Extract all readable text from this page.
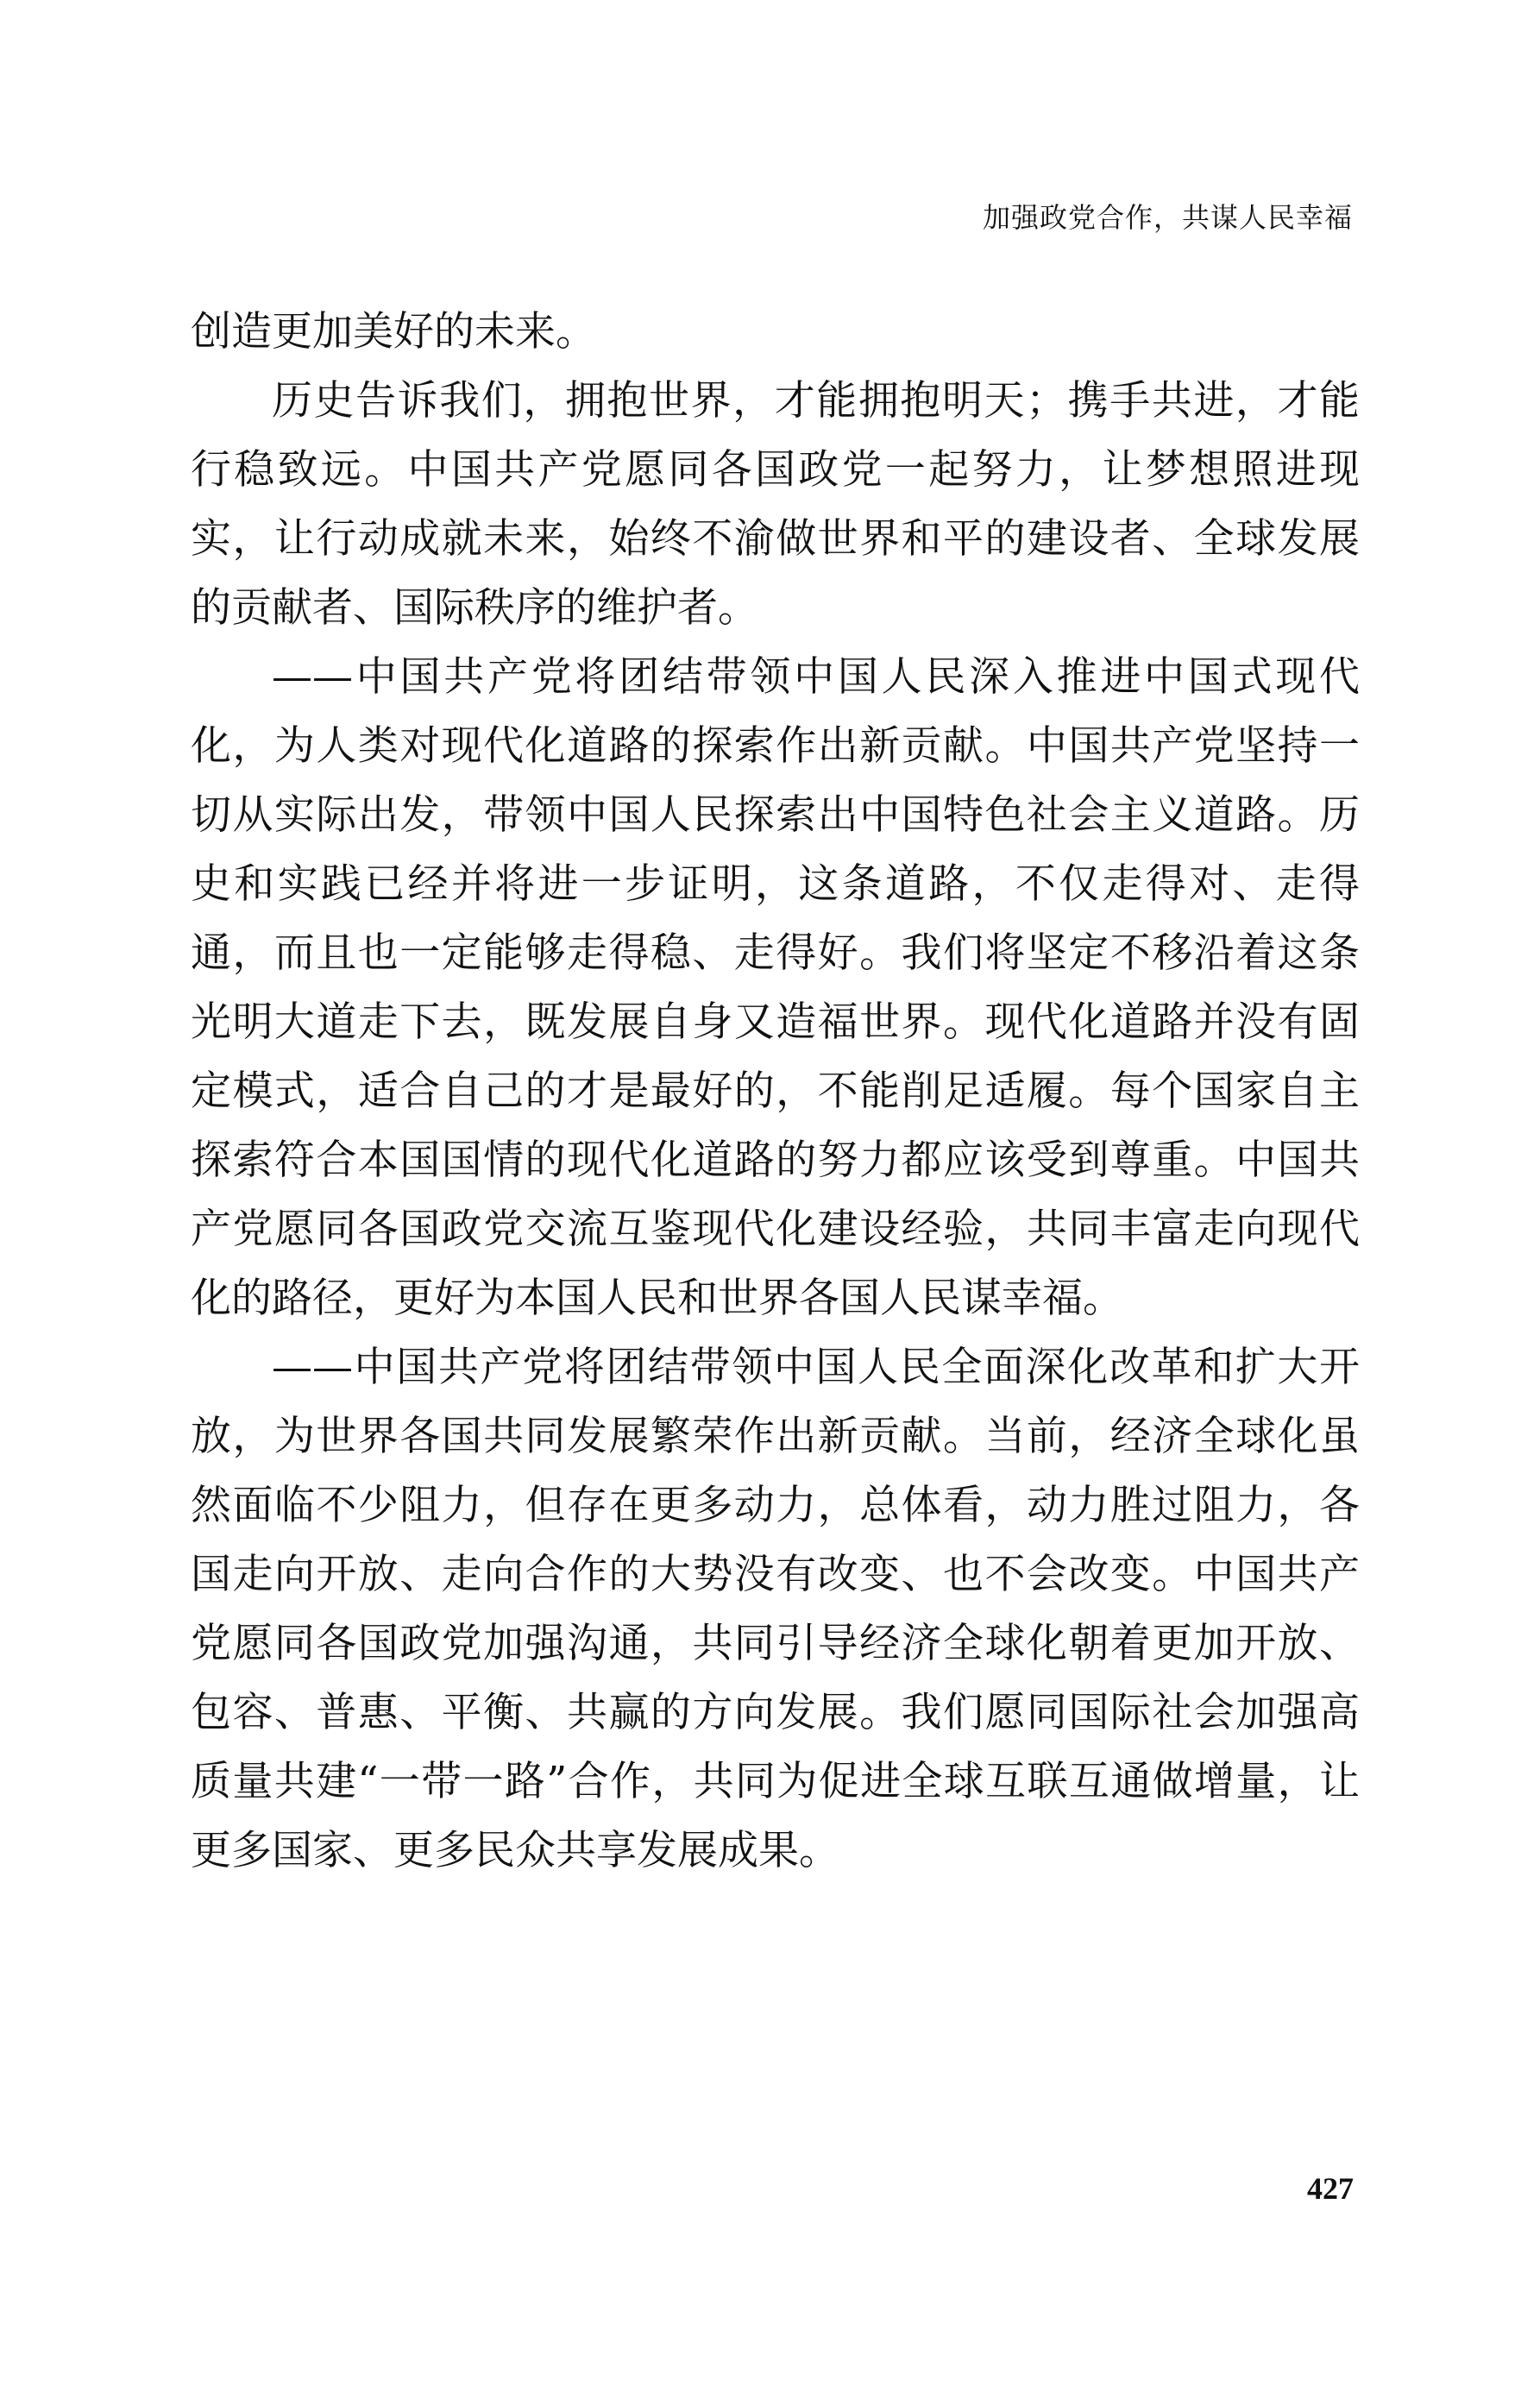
加强政党合作，共谋人民幸福

创造更加美好的未来。

历史告诉我们，拥抱世界，才能拥抱明天；携手共进，才能行稳致远。中国共产党愿同各国政党一起努力，让梦想照进现实，让行动成就未来，始终不渝做世界和平的建设者、全球发展的贡献者、国际秩序的维护者。

——中国共产党将团结带领中国人民深入推进中国式现代化，为人类对现代化道路的探索作出新贡献。中国共产党坚持一切从实际出发，带领中国人民探索出中国特色社会主义道路。历史和实践已经并将进一步证明，这条道路，不仅走得对、走得通，而且也一定能够走得稳、走得好。我们将坚定不移沿着这条光明大道走下去，既发展自身又造福世界。现代化道路并没有固定模式，适合自己的才是最好的，不能削足适履。每个国家自主探索符合本国国情的现代化道路的努力都应该受到尊重。中国共产党愿同各国政党交流互鉴现代化建设经验，共同丰富走向现代化的路径，更好为本国人民和世界各国人民谋幸福。

——中国共产党将团结带领中国人民全面深化改革和扩大开放，为世界各国共同发展繁荣作出新贡献。当前，经济全球化虽然面临不少阻力，但存在更多动力，总体看，动力胜过阻力，各国走向开放、走向合作的大势没有改变、也不会改变。中国共产党愿同各国政党加强沟通，共同引导经济全球化朝着更加开放、包容、普惠、平衡、共赢的方向发展。我们愿同国际社会加强高质量共建“一带一路”合作，共同为促进全球互联互通做增量，让更多国家、更多民众共享发展成果。

427
